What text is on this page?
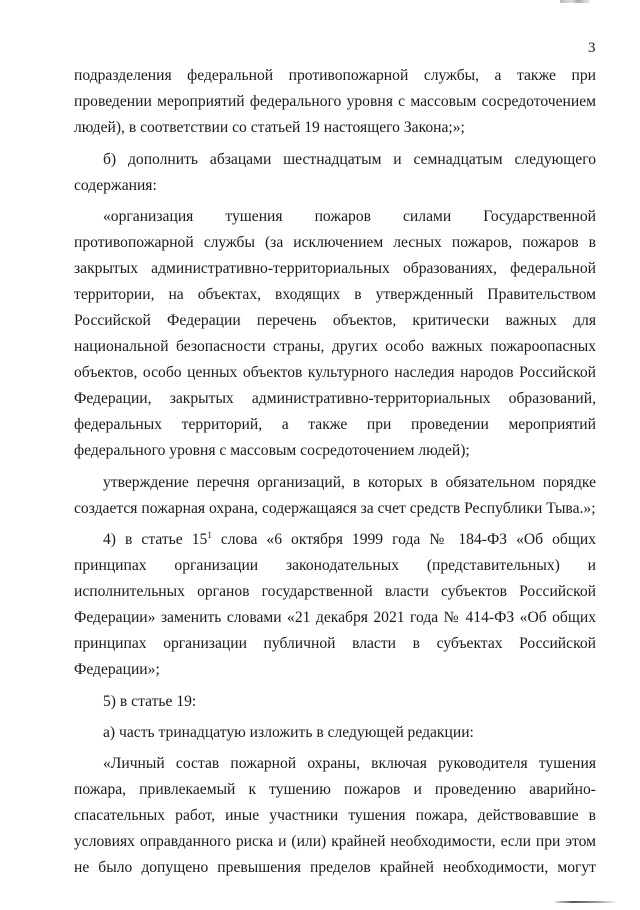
3

подразделения федеральной противопожарной службы, а также при проведении мероприятий федерального уровня с массовым сосредоточением людей), в соответствии со статьей 19 настоящего Закона;»;

б) дополнить абзацами шестнадцатым и семнадцатым следующего содержания:

«организация тушения пожаров силами Государственной противопожарной службы (за исключением лесных пожаров, пожаров в закрытых административно-территориальных образованиях, федеральной территории, на объектах, входящих в утвержденный Правительством Российской Федерации перечень объектов, критически важных для национальной безопасности страны, других особо важных пожароопасных объектов, особо ценных объектов культурного наследия народов Российской Федерации, закрытых административно-территориальных образований, федеральных территорий, а также при проведении мероприятий федерального уровня с массовым сосредоточением людей);

утверждение перечня организаций, в которых в обязательном порядке создается пожарная охрана, содержащаяся за счет средств Республики Тыва.»;

4) в статье $15^1$ слова «6 октября 1999 года № 184-ФЗ «Об общих принципах организации законодательных (представительных) и исполнительных органов государственной власти субъектов Российской Федерации» заменить словами «21 декабря 2021 года № 414-ФЗ «Об общих принципах организации публичной власти в субъектах Российской Федерации»;

5) в статье 19:

а) часть тринадцатую изложить в следующей редакции:

«Личный состав пожарной охраны, включая руководителя тушения пожара, привлекаемый к тушению пожаров и проведению аварийно-спасательных работ, иные участники тушения пожара, действовавшие в условиях оправданного риска и (или) крайней необходимости, если при этом не было допущено превышения пределов крайней необходимости, могут
